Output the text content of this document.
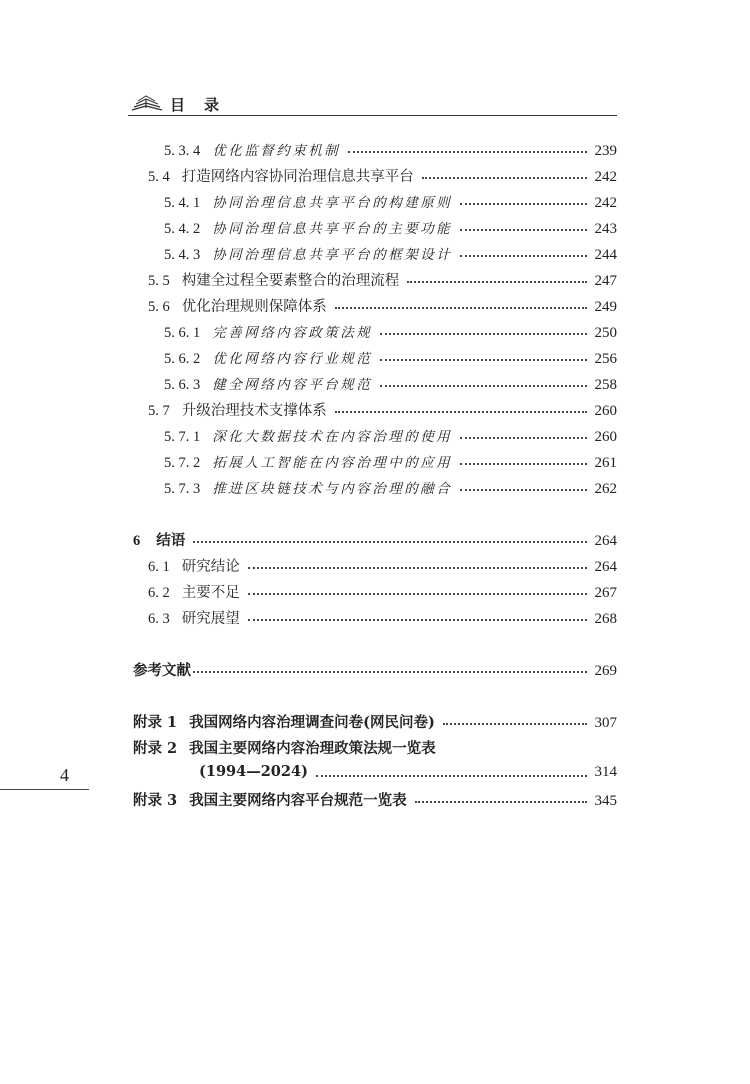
目 录
5. 3. 4 优化监督约束机制	239
5. 4 打造网络内容协同治理信息共享平台	242
5. 4. 1 协同治理信息共享平台的构建原则	242
5. 4. 2 协同治理信息共享平台的主要功能	243
5. 4. 3 协同治理信息共享平台的框架设计	244
5. 5 构建全过程全要素整合的治理流程	247
5. 6 优化治理规则保障体系	249
5. 6. 1 完善网络内容政策法规	250
5. 6. 2 优化网络内容行业规范	256
5. 6. 3 健全网络内容平台规范	258
5. 7 升级治理技术支撑体系	260
5. 7. 1 深化大数据技术在内容治理的使用	260
5. 7. 2 拓展人工智能在内容治理中的应用	261
5. 7. 3 推进区块链技术与内容治理的融合	262
6 结语	264
6. 1 研究结论	264
6. 2 主要不足	267
6. 3 研究展望	268
参考文献	269
附录 1 我国网络内容治理调查问卷(网民问卷)	307
附录 2 我国主要网络内容治理政策法规一览表
(1994—2024)	314
附录 3 我国主要网络内容平台规范一览表	345
4
